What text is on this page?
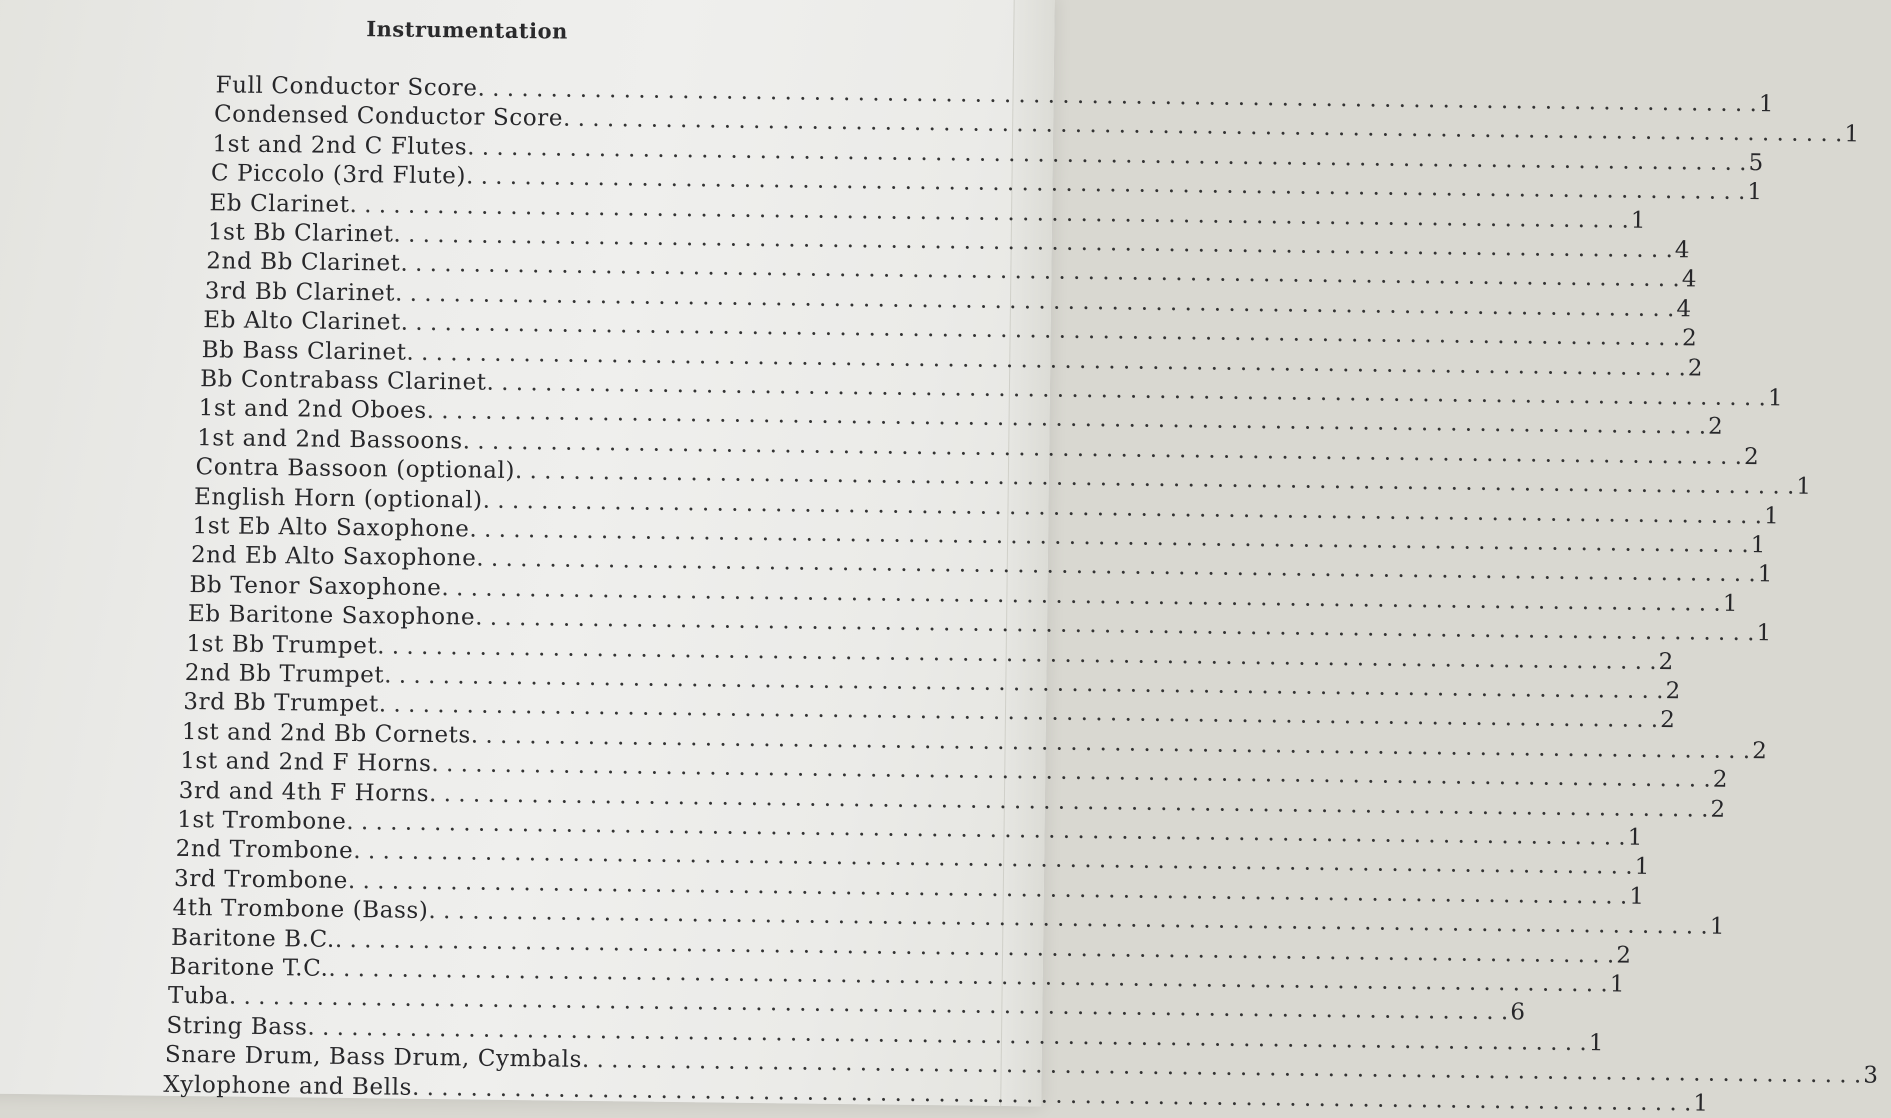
Instrumentation
Full Conductor Score
. . .
1
Condensed Conductor Score
. . .
1
1st and 2nd C Flutes
. . .
5
C Piccolo (3rd Flute)
. . .
1
Eb Clarinet
. . .
1
1st Bb Clarinet
. . .
4
2nd Bb Clarinet
. . .
4
3rd Bb Clarinet
. . .
4
Eb Alto Clarinet
. . .
2
Bb Bass Clarinet
. . .
2
Bb Contrabass Clarinet
. . .
1
1st and 2nd Oboes
. . .
2
1st and 2nd Bassoons
. . .
2
Contra Bassoon (optional)
. . .
1
English Horn (optional)
. . .
1
1st Eb Alto Saxophone
. . .
1
2nd Eb Alto Saxophone
. . .
1
Bb Tenor Saxophone
. . .
1
Eb Baritone Saxophone
. . .
1
1st Bb Trumpet
. . .
2
2nd Bb Trumpet
. . .
2
3rd Bb Trumpet
. . .
2
1st and 2nd Bb Cornets
. . .
2
1st and 2nd F Horns
. . .
2
3rd and 4th F Horns
. . .
2
1st Trombone
. . .
1
2nd Trombone
. . .
1
3rd Trombone
. . .
1
4th Trombone (Bass)
. . .
1
Baritone B.C.
. . .
2
Baritone T.C.
. . .
1
Tuba
. . .
6
String Bass
. . .
1
Snare Drum, Bass Drum, Cymbals
. . .
3
Xylophone and Bells
. . .
1
